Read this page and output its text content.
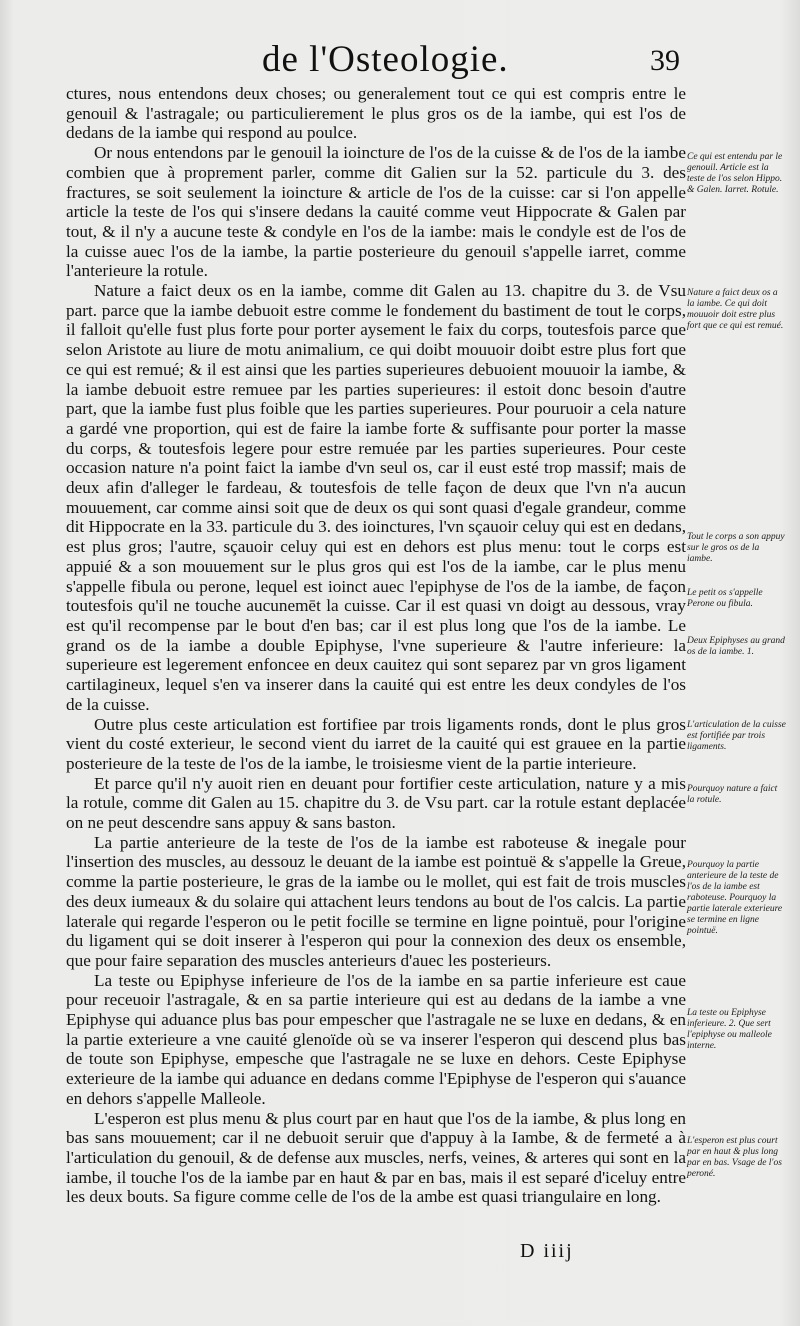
de l'Osteologie.	39

ctures, nous entendons deux choses; ou generalement tout ce qui est compris entre le genouil & l'astragale; ou particulierement le plus gros os de la iambe, qui est l'os de dedans de la iambe qui respond au poulce.

Or nous entendons par le genouil la ioincture de l'os de la cuisse & de l'os de la iambe combien que à proprement parler, comme dit Galien sur la 52. particule du 3. des fractures, se soit seulement la ioincture & article de l'os de la cuisse: car si l'on appelle article la teste de l'os qui s'insere dedans la cauité comme veut Hippocrate & Galen par tout, & il n'y a aucune teste & condyle en l'os de la iambe: mais le condyle est de l'os de la cuisse auec l'os de la iambe, la partie posterieure du genouil s'appelle iarret, comme l'anterieure la rotule.

Nature a faict deux os en la iambe, comme dit Galen au 13. chapitre du 3. de Vsu part. parce que la iambe debuoit estre comme le fondement du bastiment de tout le corps, il falloit qu'elle fust plus forte pour porter aysement le faix du corps, toutesfois parce que selon Aristote au liure de motu animalium, ce qui doibt mouuoir doibt estre plus fort que ce qui est remué; & il est ainsi que les parties superieures debuoient mouuoir la iambe, & la iambe debuoit estre remuee par les parties superieures: il estoit donc besoin d'autre part, que la iambe fust plus foible que les parties superieures. Pour pouruoir a cela nature a gardé vne proportion, qui est de faire la iambe forte & suffisante pour porter la masse du corps, & toutesfois legere pour estre remuée par les parties superieures. Pour ceste occasion nature n'a point faict la iambe d'vn seul os, car il eust esté trop massif; mais de deux afin d'alleger le fardeau, & toutesfois de telle façon de deux que l'vn n'a aucun mouuement, car comme ainsi soit que de deux os qui sont quasi d'egale grandeur, comme dit Hippocrate en la 33. particule du 3. des ioinctures, l'vn sçauoir celuy qui est en dedans, est plus gros; l'autre, sçauoir celuy qui est en dehors est plus menu: tout le corps est appuié & a son mouuement sur le plus gros qui est l'os de la iambe, car le plus menu s'appelle fibula ou perone, lequel est ioinct auec l'epiphyse de l'os de la iambe, de façon toutesfois qu'il ne touche aucunemēt la cuisse. Car il est quasi vn doigt au dessous, vray est qu'il recompense par le bout d'en bas; car il est plus long que l'os de la iambe. Le grand os de la iambe a double Epiphyse, l'vne superieure & l'autre inferieure: la superieure est legerement enfoncee en deux cauitez qui sont separez par vn gros ligament cartilagineux, lequel s'en va inserer dans la cauité qui est entre les deux condyles de l'os de la cuisse.

Outre plus ceste articulation est fortifiee par trois ligaments ronds, dont le plus gros vient du costé exterieur, le second vient du iarret de la cauité qui est grauee en la partie posterieure de la teste de l'os de la iambe, le troisiesme vient de la partie interieure.

Et parce qu'il n'y auoit rien en deuant pour fortifier ceste articulation, nature y a mis la rotule, comme dit Galen au 15. chapitre du 3. de Vsu part. car la rotule estant deplacée on ne peut descendre sans appuy & sans baston.

La partie anterieure de la teste de l'os de la iambe est raboteuse & inegale pour l'insertion des muscles, au dessouz le deuant de la iambe est pointuë & s'appelle la Greue, comme la partie posterieure, le gras de la iambe ou le mollet, qui est fait de trois muscles des deux iumeaux & du solaire qui attachent leurs tendons au bout de l'os calcis. La partie laterale qui regarde l'esperon ou le petit focille se termine en ligne pointuë, pour l'origine du ligament qui se doit inserer à l'esperon qui pour la connexion des deux os ensemble, que pour faire separation des muscles anterieurs d'auec les posterieurs.

La teste ou Epiphyse inferieure de l'os de la iambe en sa partie inferieure est caue pour receuoir l'astragale, & en sa partie interieure qui est au dedans de la iambe a vne Epiphyse qui aduance plus bas pour empescher que l'astragale ne se luxe en dedans, & en la partie exterieure a vne cauité glenoïde où se va inserer l'esperon qui descend plus bas de toute son Epiphyse, empesche que l'astragale ne se luxe en dehors. Ceste Epiphyse exterieure de la iambe qui aduance en dedans comme l'Epiphyse de l'esperon qui s'auance en dehors s'appelle Malleole.

L'esperon est plus menu & plus court par en haut que l'os de la iambe, & plus long en bas sans mouuement; car il ne debuoit seruir que d'appuy à la Iambe, & de fermeté a à l'articulation du genouil, & de defense aux muscles, nerfs, veines, & arteres qui sont en la iambe, il touche l'os de la iambe par en haut & par en bas, mais il est separé d'iceluy entre les deux bouts. Sa figure comme celle de l'os de la ambe est quasi triangulaire en long.

Ce qui est entendu par le genouil. Article est la teste de l'os selon Hippo. & Galen. Iarret. Rotule.

Nature a faict deux os a la iambe. Ce qui doit mouuoir doit estre plus fort que ce qui est remué.

Tout le corps a son appuy sur le gros os de la iambe.

Le petit os s'appelle Perone ou fibula.

Deux Epiphyses au grand os de la iambe. 1.

L'articulation de la cuisse est fortifiée par trois ligaments.

Pourquoy nature a faict la rotule.

Pourquoy la partie anterieure de la teste de l'os de la iambe est raboteuse. Pourquoy la partie laterale exterieure se termine en ligne pointuë.

La teste ou Epiphyse inferieure. 2. Que sert l'epiphyse ou malleole interne.

L'esperon est plus court par en haut & plus long par en bas. Vsage de l'os peroné.

D iiij
